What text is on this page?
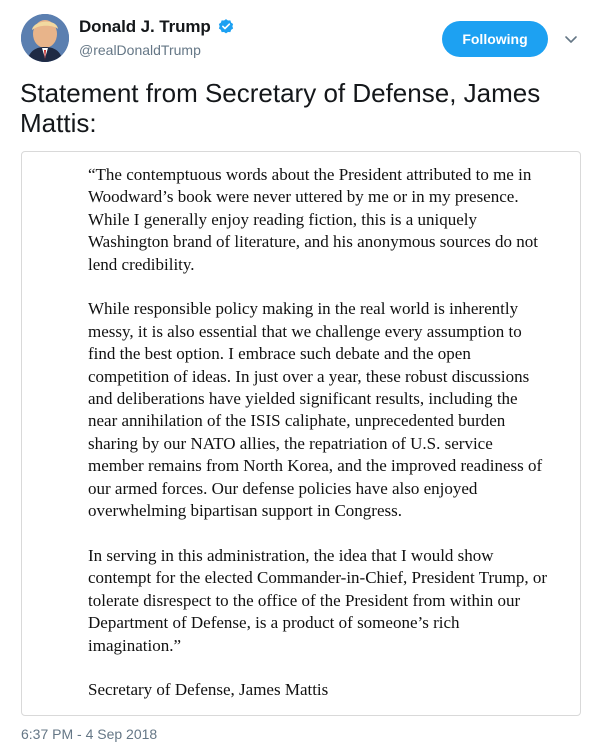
Donald J. Trump
@realDonaldTrump
Following

Statement from Secretary of Defense, James Mattis:

“The contemptuous words about the President attributed to me in Woodward’s book were never uttered by me or in my presence. While I generally enjoy reading fiction, this is a uniquely Washington brand of literature, and his anonymous sources do not lend credibility.

While responsible policy making in the real world is inherently messy, it is also essential that we challenge every assumption to find the best option. I embrace such debate and the open competition of ideas. In just over a year, these robust discussions and deliberations have yielded significant results, including the near annihilation of the ISIS caliphate, unprecedented burden sharing by our NATO allies, the repatriation of U.S. service member remains from North Korea, and the improved readiness of our armed forces. Our defense policies have also enjoyed overwhelming bipartisan support in Congress.

In serving in this administration, the idea that I would show contempt for the elected Commander-in-Chief, President Trump, or tolerate disrespect to the office of the President from within our Department of Defense, is a product of someone’s rich imagination.”

Secretary of Defense, James Mattis

6:37 PM - 4 Sep 2018
